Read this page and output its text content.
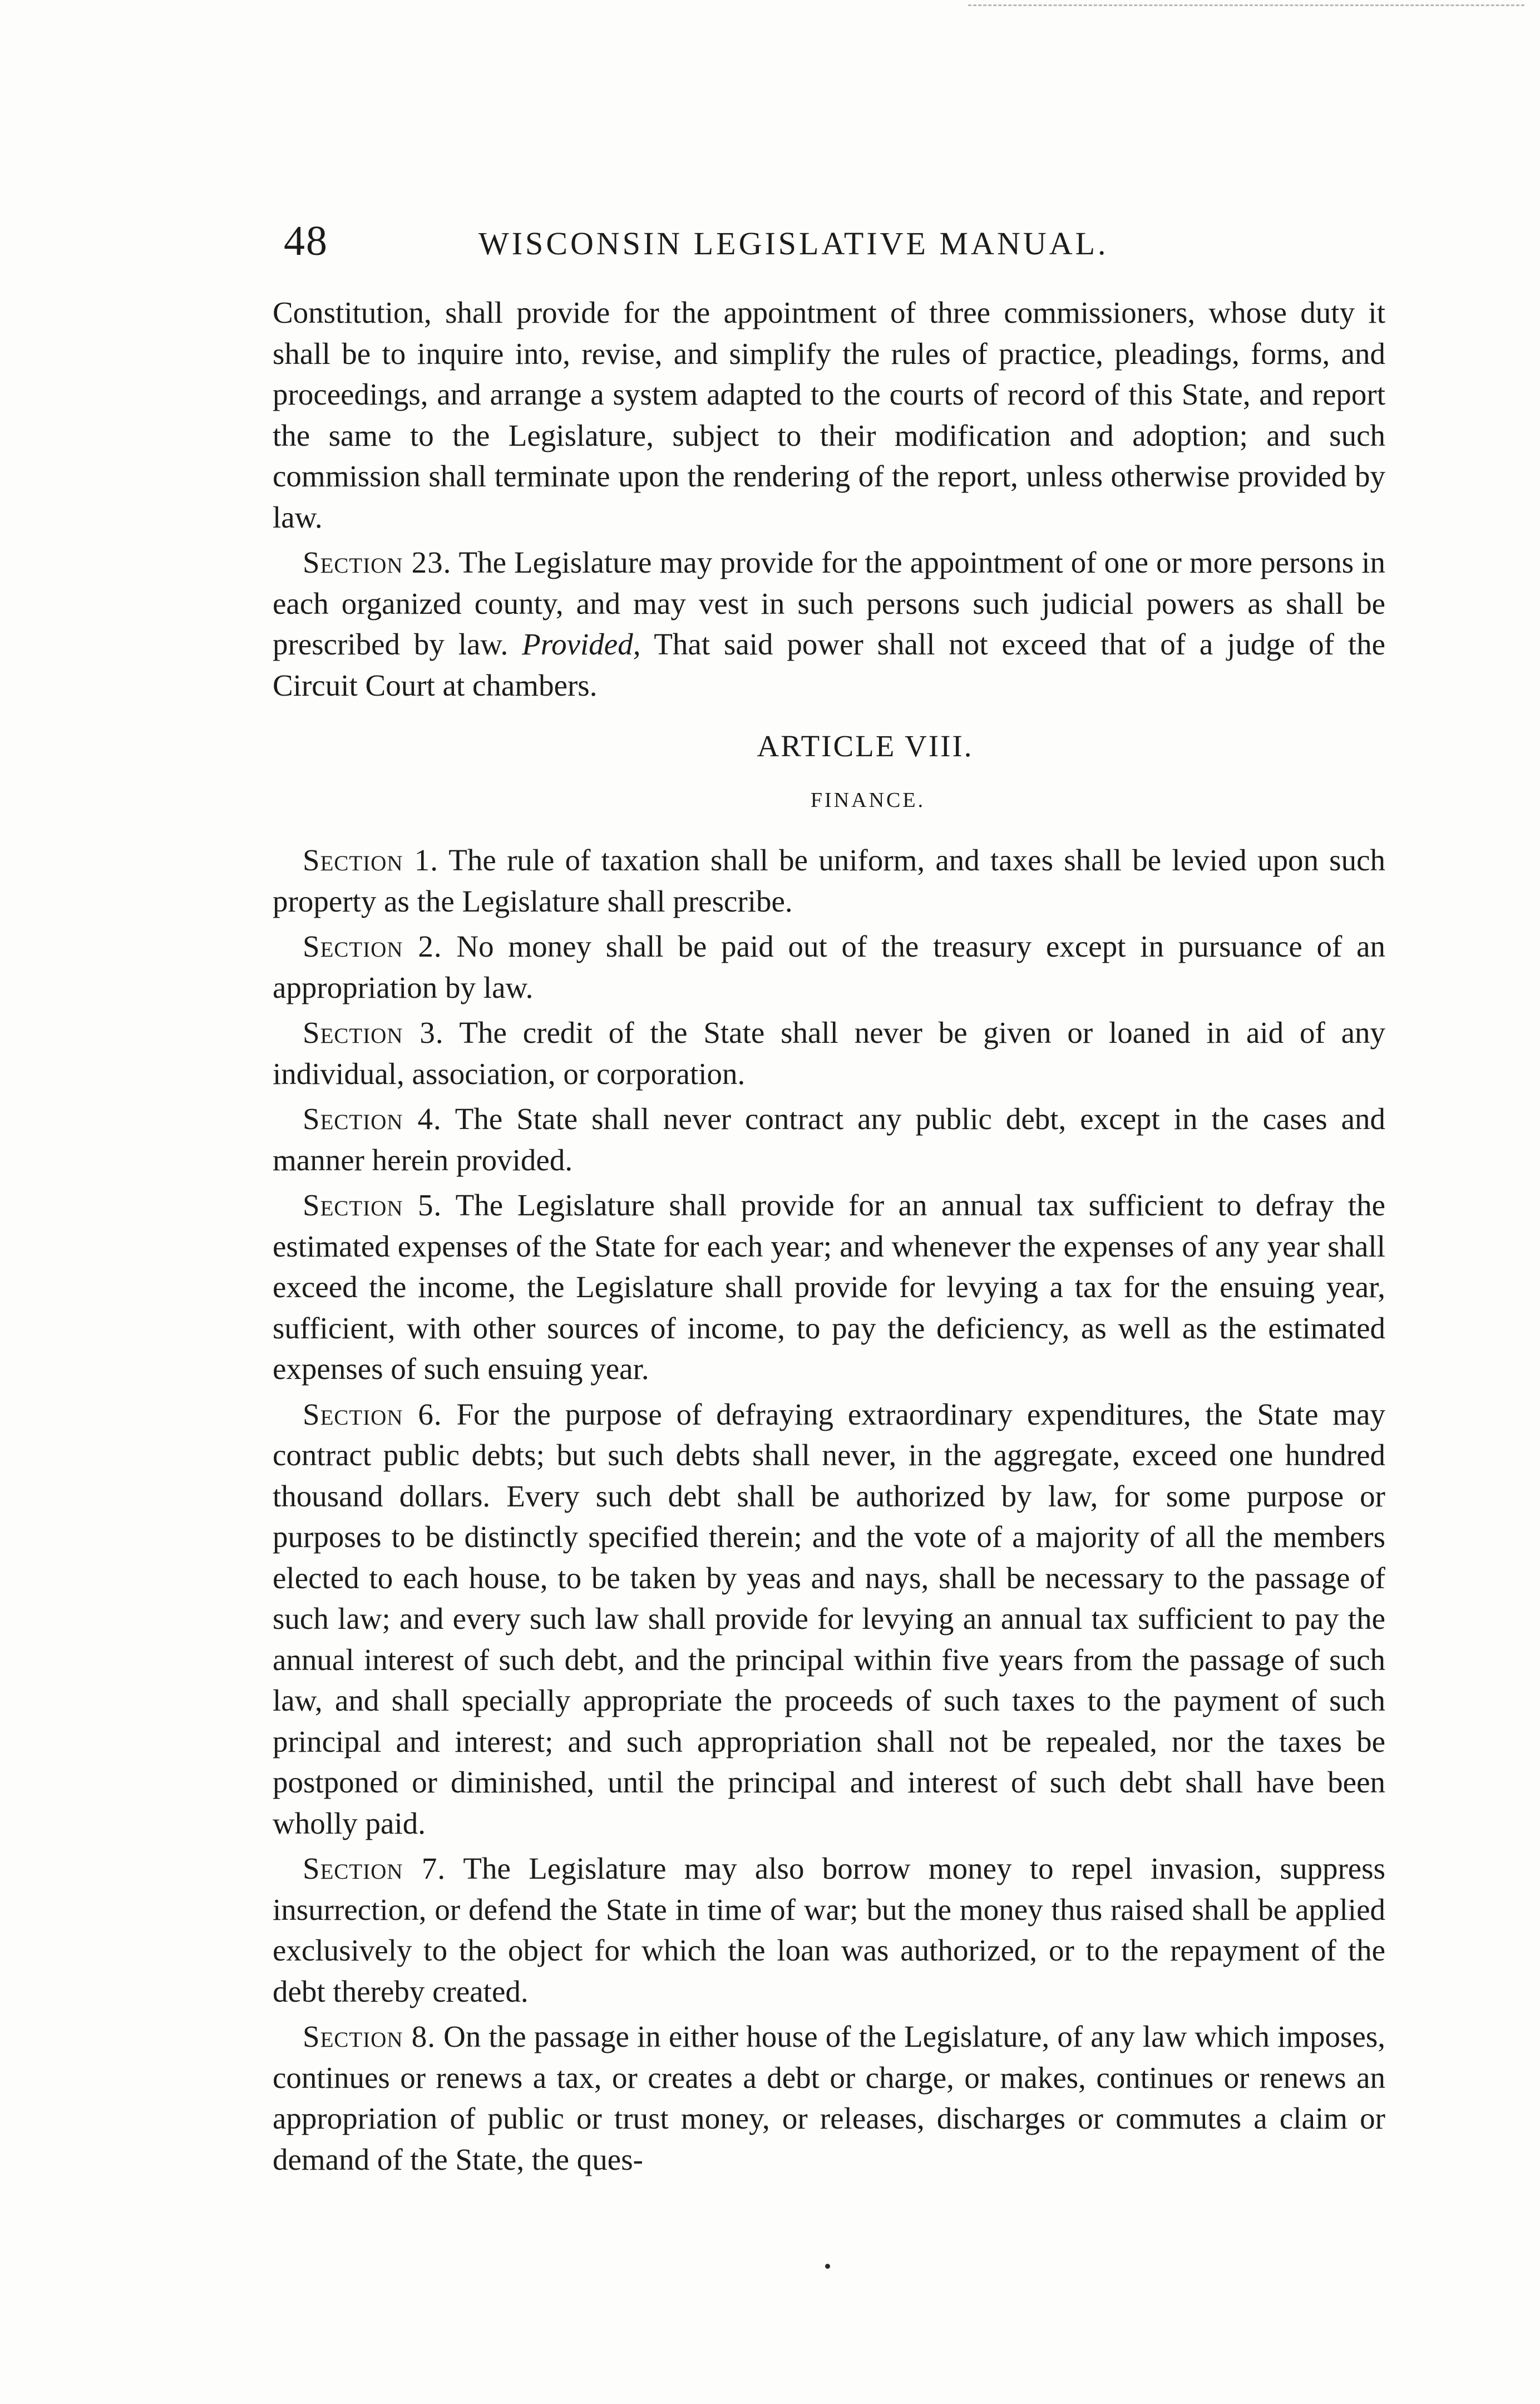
48	WISCONSIN LEGISLATIVE MANUAL.

Constitution, shall provide for the appointment of three commissioners, whose duty it shall be to inquire into, revise, and simplify the rules of practice, pleadings, forms, and proceedings, and arrange a system adapted to the courts of record of this State, and report the same to the Legislature, subject to their modification and adoption; and such commission shall terminate upon the rendering of the report, unless otherwise provided by law.

Section 23. The Legislature may provide for the appointment of one or more persons in each organized county, and may vest in such persons such judicial powers as shall be prescribed by law. Provided, That said power shall not exceed that of a judge of the Circuit Court at chambers.

ARTICLE VIII.

FINANCE.

Section 1. The rule of taxation shall be uniform, and taxes shall be levied upon such property as the Legislature shall prescribe.

Section 2. No money shall be paid out of the treasury except in pursuance of an appropriation by law.

Section 3. The credit of the State shall never be given or loaned in aid of any individual, association, or corporation.

Section 4. The State shall never contract any public debt, except in the cases and manner herein provided.

Section 5. The Legislature shall provide for an annual tax sufficient to defray the estimated expenses of the State for each year; and whenever the expenses of any year shall exceed the income, the Legislature shall provide for levying a tax for the ensuing year, sufficient, with other sources of income, to pay the deficiency, as well as the estimated expenses of such ensuing year.

Section 6. For the purpose of defraying extraordinary expenditures, the State may contract public debts; but such debts shall never, in the aggregate, exceed one hundred thousand dollars. Every such debt shall be authorized by law, for some purpose or purposes to be distinctly specified therein; and the vote of a majority of all the members elected to each house, to be taken by yeas and nays, shall be necessary to the passage of such law; and every such law shall provide for levying an annual tax sufficient to pay the annual interest of such debt, and the principal within five years from the passage of such law, and shall specially appropriate the proceeds of such taxes to the payment of such principal and interest; and such appropriation shall not be repealed, nor the taxes be postponed or diminished, until the principal and interest of such debt shall have been wholly paid.

Section 7. The Legislature may also borrow money to repel invasion, suppress insurrection, or defend the State in time of war; but the money thus raised shall be applied exclusively to the object for which the loan was authorized, or to the repayment of the debt thereby created.

Section 8. On the passage in either house of the Legislature, of any law which imposes, continues or renews a tax, or creates a debt or charge, or makes, continues or renews an appropriation of public or trust money, or releases, discharges or commutes a claim or demand of the State, the ques-
